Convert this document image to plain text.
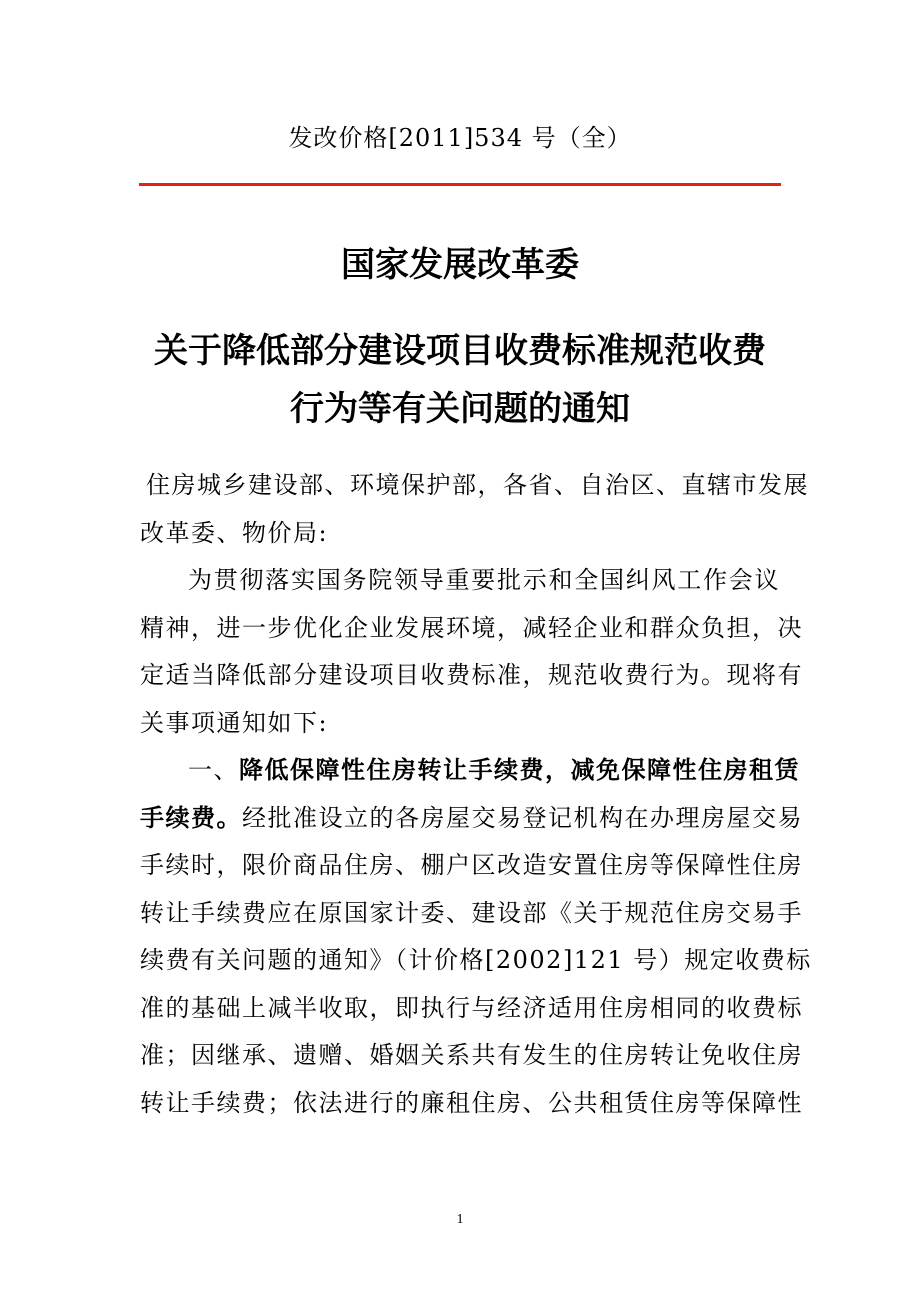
发改价格[2011]534 号（全）
国家发展改革委
关于降低部分建设项目收费标准规范收费
行为等有关问题的通知
住房城乡建设部、环境保护部，各省、自治区、直辖市发展
改革委、物价局:
为贯彻落实国务院领导重要批示和全国纠风工作会议
精神，进一步优化企业发展环境，减轻企业和群众负担，决
定适当降低部分建设项目收费标准，规范收费行为。现将有
关事项通知如下:
一、降低保障性住房转让手续费，减免保障性住房租赁
手续费。经批准设立的各房屋交易登记机构在办理房屋交易
手续时，限价商品住房、棚户区改造安置住房等保障性住房
转让手续费应在原国家计委、建设部《关于规范住房交易手
续费有关问题的通知》（计价格[2002]121 号）规定收费标
准的基础上减半收取，即执行与经济适用住房相同的收费标
准；因继承、遗赠、婚姻关系共有发生的住房转让免收住房
转让手续费；依法进行的廉租住房、公共租赁住房等保障性
1
